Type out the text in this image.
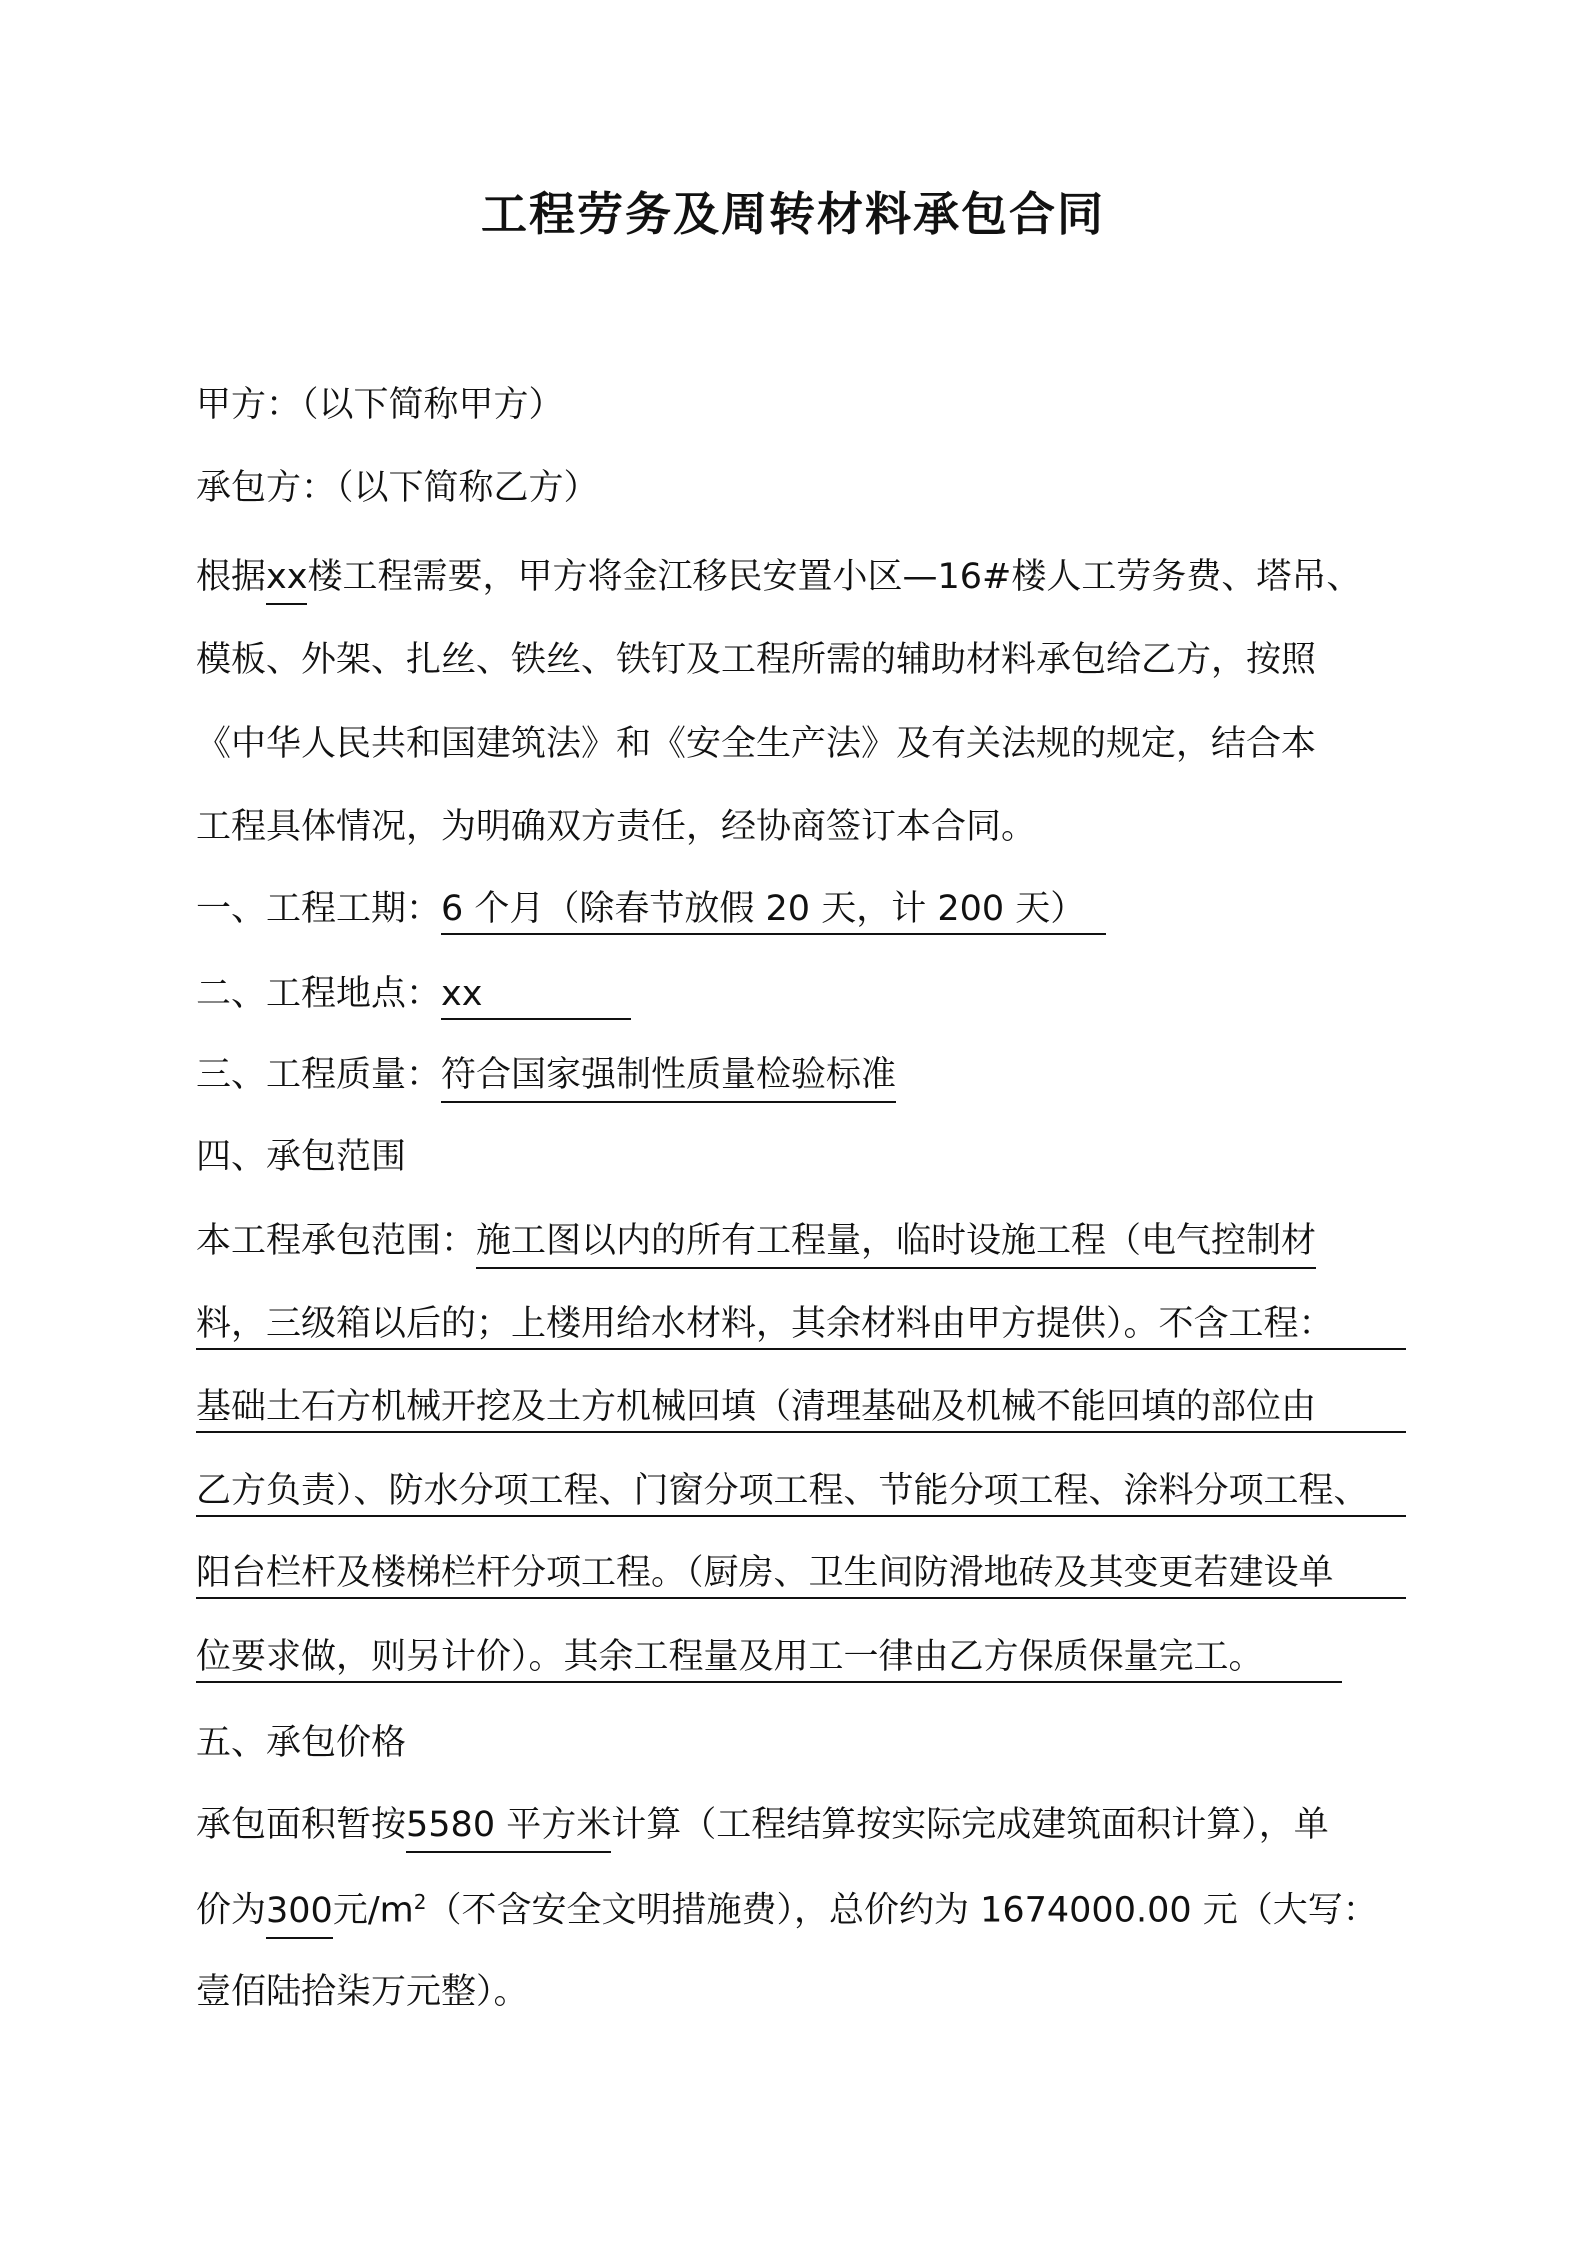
工程劳务及周转材料承包合同
甲方：（以下简称甲方）
承包方：（以下简称乙方）
根据xx楼工程需要，甲方将金江移民安置小区—16#楼人工劳务费、塔吊、
模板、外架、扎丝、铁丝、铁钉及工程所需的辅助材料承包给乙方，按照
《中华人民共和国建筑法》和《安全生产法》及有关法规的规定，结合本
工程具体情况，为明确双方责任，经协商签订本合同。
一、工程工期：6 个月（除春节放假 20 天，计 200 天）
二、工程地点：xx
三、工程质量：符合国家强制性质量检验标准
四、承包范围
本工程承包范围：施工图以内的所有工程量，临时设施工程（电气控制材
料，三级箱以后的；上楼用给水材料，其余材料由甲方提供）。不含工程：
基础土石方机械开挖及土方机械回填（清理基础及机械不能回填的部位由
乙方负责）、防水分项工程、门窗分项工程、节能分项工程、涂料分项工程、
阳台栏杆及楼梯栏杆分项工程。（厨房、卫生间防滑地砖及其变更若建设单
位要求做，则另计价）。其余工程量及用工一律由乙方保质保量完工。
五、承包价格
承包面积暂按5580 平方米计算（工程结算按实际完成建筑面积计算），单
价为300元$/m^2$（不含安全文明措施费），总价约为 1674000.00 元（大写：
壹佰陆拾柒万元整）。
